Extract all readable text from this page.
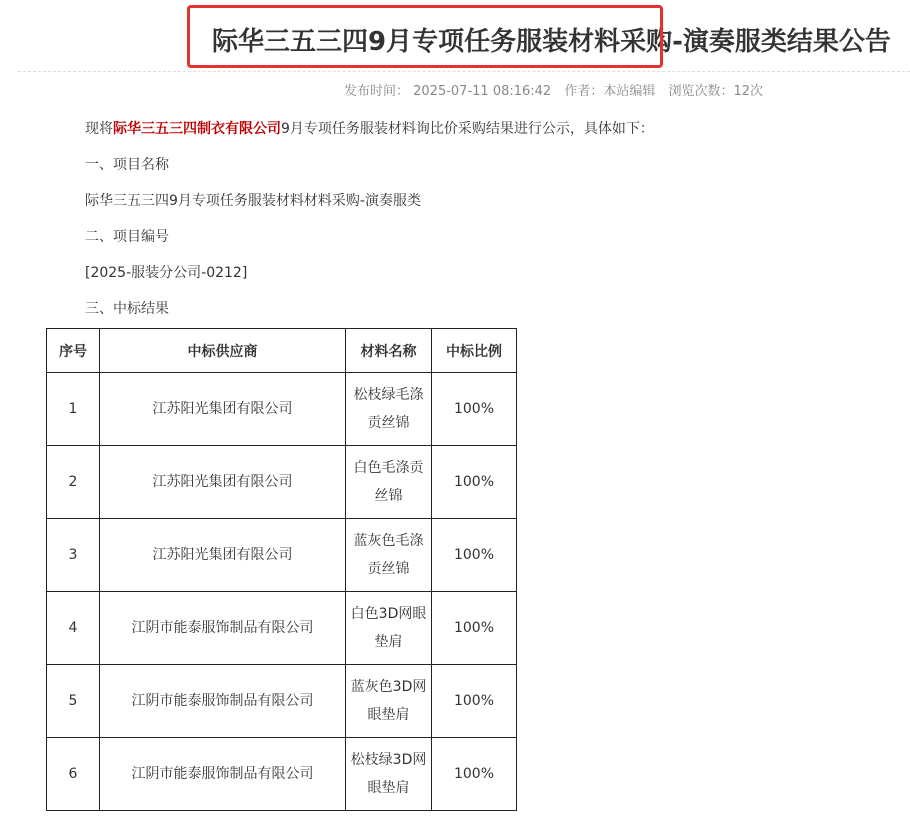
际华三五三四9月专项任务服装材料采购-演奏服类结果公告
发布时间： 2025-07-11 08:16:42 作者：本站编辑 浏览次数：12次
现将际华三五三四制衣有限公司9月专项任务服装材料询比价采购结果进行公示，具体如下：
一、项目名称
际华三五三四9月专项任务服装材料材料采购-演奏服类
二、项目编号
[2025-服装分公司-0212]
三、中标结果
序号	中标供应商	材料名称	中标比例
1	江苏阳光集团有限公司	松枝绿毛涤贡丝锦	100%
2	江苏阳光集团有限公司	白色毛涤贡丝锦	100%
3	江苏阳光集团有限公司	蓝灰色毛涤贡丝锦	100%
4	江阴市能泰服饰制品有限公司	白色3D网眼垫肩	100%
5	江阴市能泰服饰制品有限公司	蓝灰色3D网眼垫肩	100%
6	江阴市能泰服饰制品有限公司	松枝绿3D网眼垫肩	100%
